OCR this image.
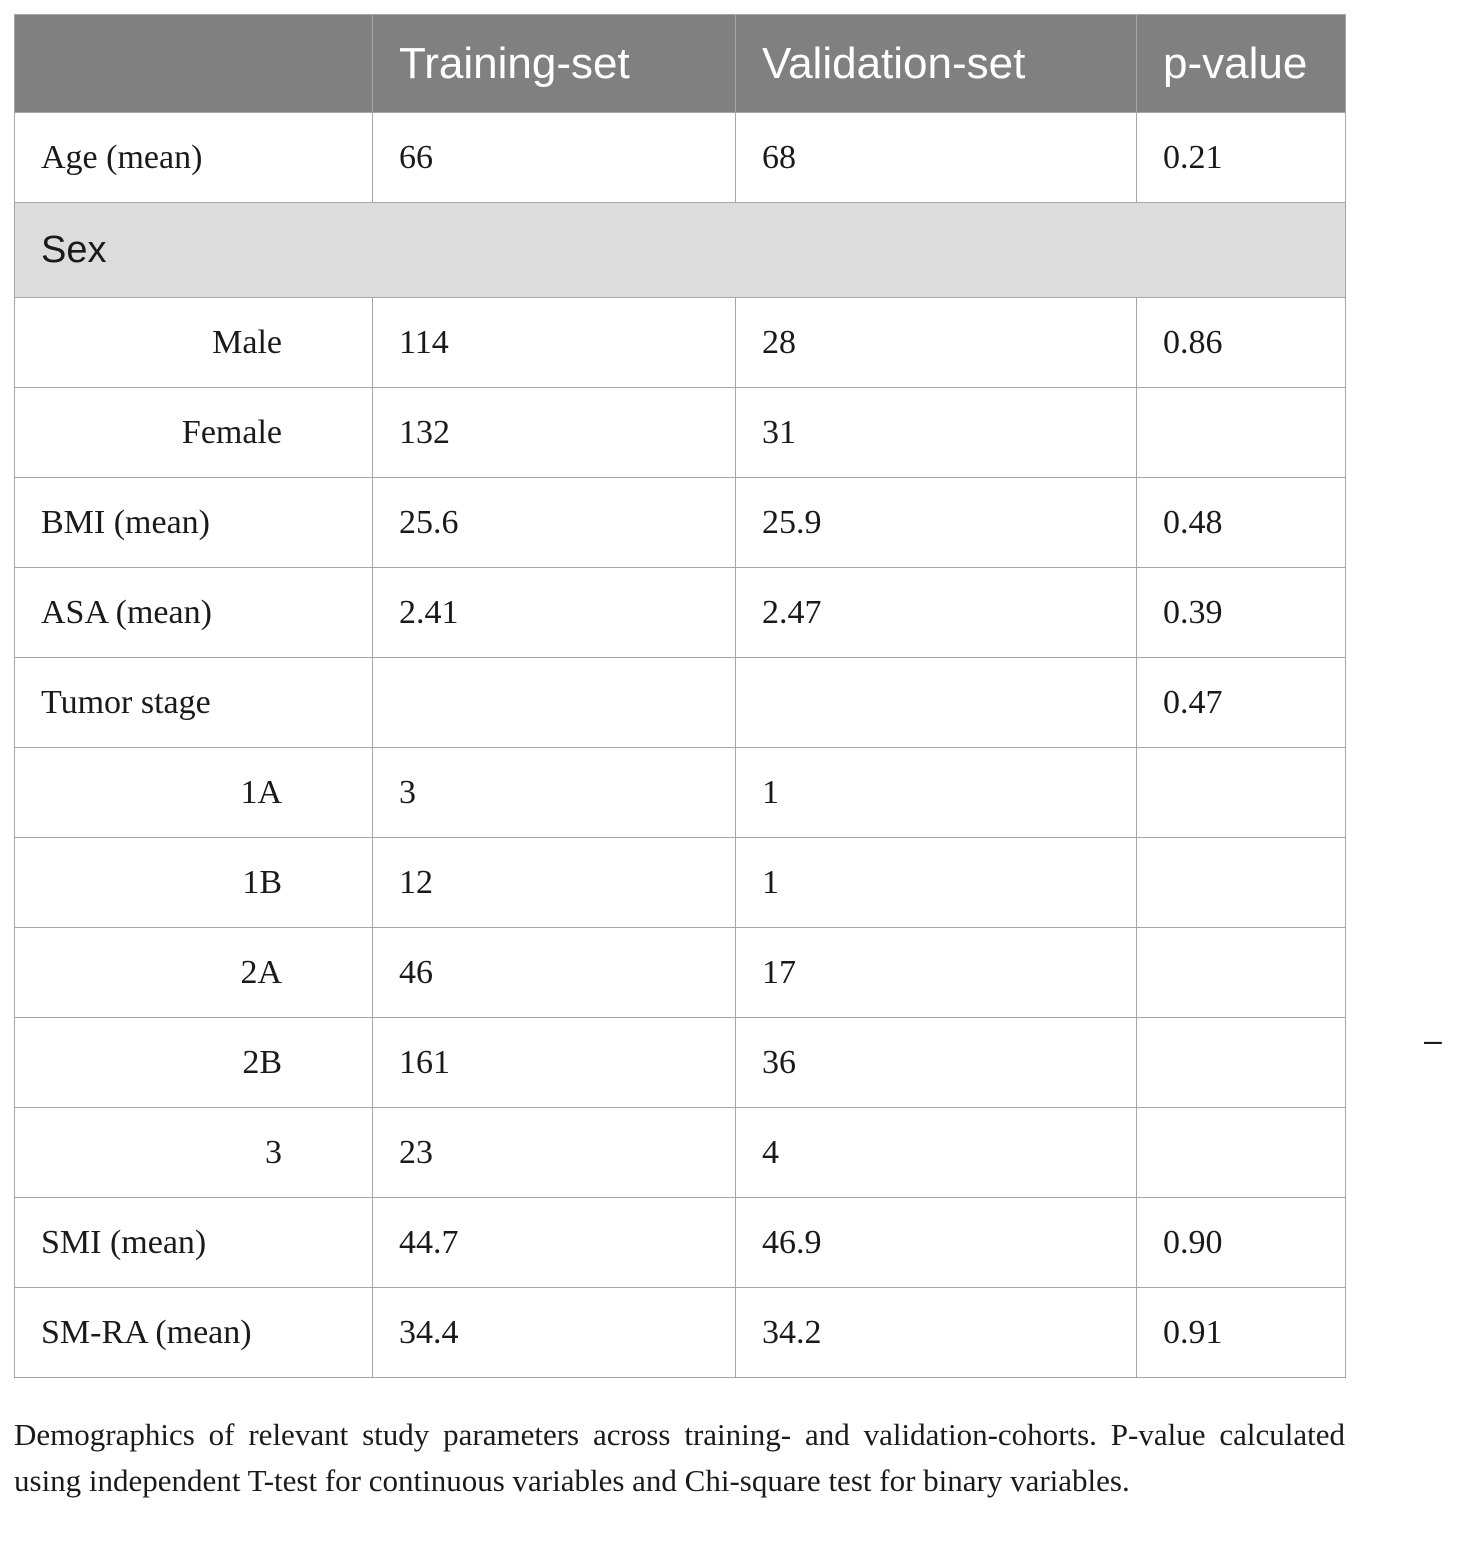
	Training-set	Validation-set	p-value
Age (mean)	66	68	0.21
Sex			
Male	114	28	0.86
Female	132	31	
BMI (mean)	25.6	25.9	0.48
ASA (mean)	2.41	2.47	0.39
Tumor stage			0.47
1A	3	1	
1B	12	1	
2A	46	17	
2B	161	36	
3	23	4	
SMI (mean)	44.7	46.9	0.90
SM-RA (mean)	34.4	34.2	0.91
–
Demographics of relevant study parameters across training- and validation-cohorts. P-value calculated using independent T-test for continuous variables and Chi-square test for binary variables.
